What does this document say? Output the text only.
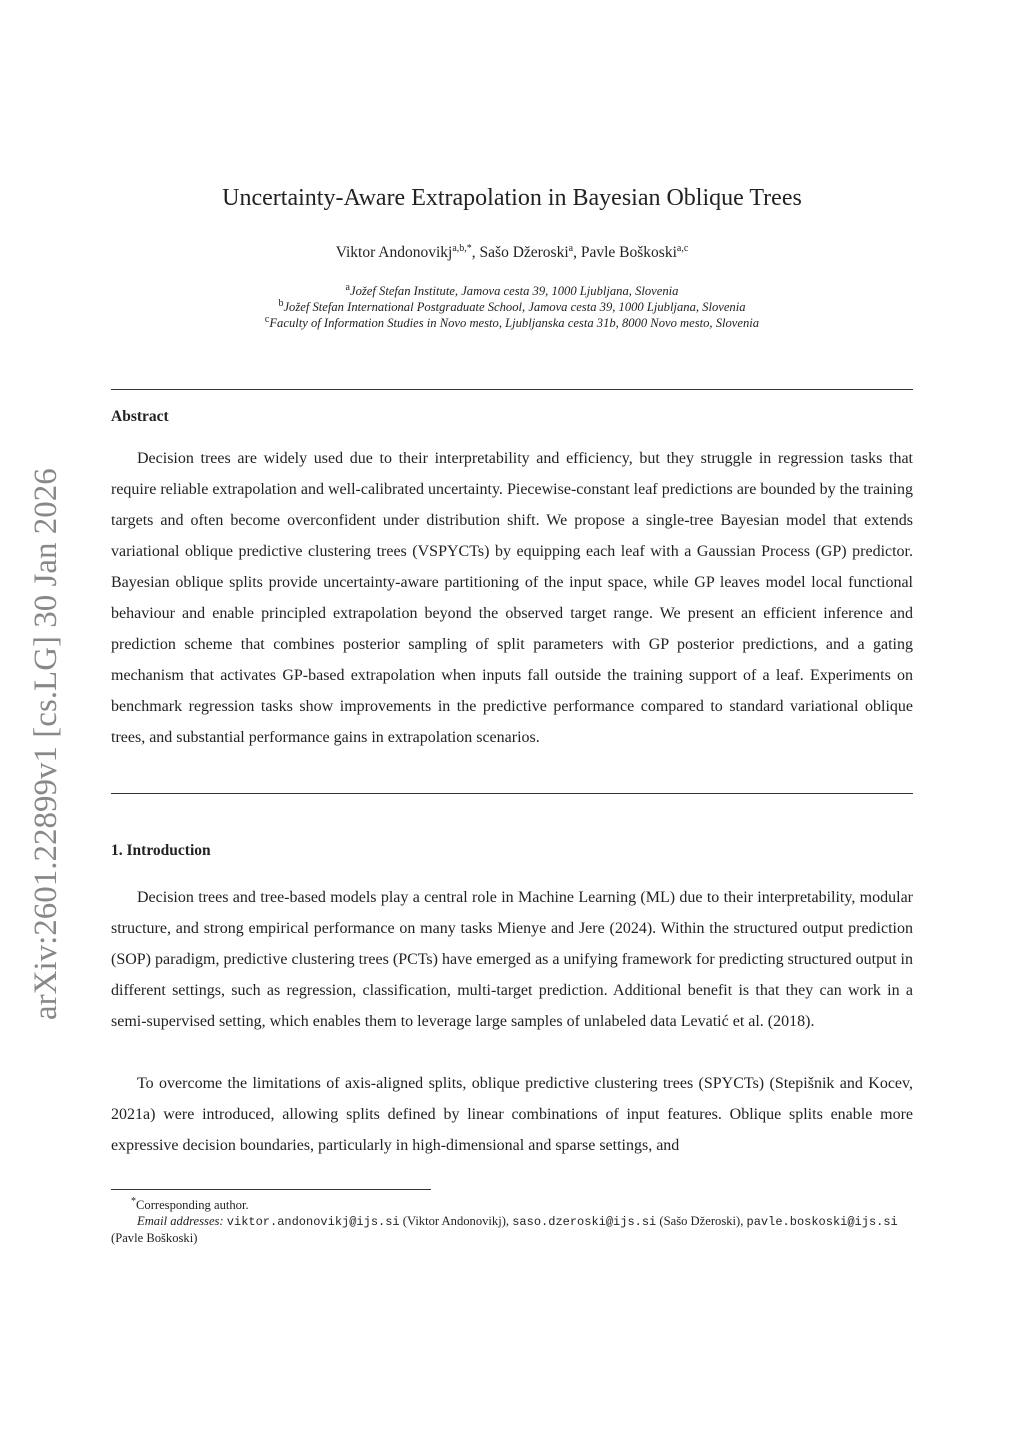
arXiv:2601.22899v1 [cs.LG] 30 Jan 2026
Uncertainty-Aware Extrapolation in Bayesian Oblique Trees
Viktor Andonovikj$^{a,b,*}$, Sašo Džeroski$^a$, Pavle Boškoski$^{a,c}$
$^a$Jožef Stefan Institute, Jamova cesta 39, 1000 Ljubljana, Slovenia
$^b$Jožef Stefan International Postgraduate School, Jamova cesta 39, 1000 Ljubljana, Slovenia
$^c$Faculty of Information Studies in Novo mesto, Ljubljanska cesta 31b, 8000 Novo mesto, Slovenia
Abstract

Decision trees are widely used due to their interpretability and efficiency, but they struggle in regression tasks that require reliable extrapolation and well-calibrated uncertainty. Piecewise-constant leaf predictions are bounded by the training targets and often become overconfident under distribution shift. We propose a single-tree Bayesian model that extends variational oblique predictive clustering trees (VSPYCTs) by equipping each leaf with a Gaussian Process (GP) predictor. Bayesian oblique splits provide uncertainty-aware partitioning of the input space, while GP leaves model local functional behaviour and enable principled extrapolation beyond the observed target range. We present an efficient inference and prediction scheme that combines posterior sampling of split parameters with GP posterior predictions, and a gating mechanism that activates GP-based extrapolation when inputs fall outside the training support of a leaf. Experiments on benchmark regression tasks show improvements in the predictive performance compared to standard variational oblique trees, and substantial performance gains in extrapolation scenarios.

1. Introduction

Decision trees and tree-based models play a central role in Machine Learning (ML) due to their interpretability, modular structure, and strong empirical performance on many tasks Mienye and Jere (2024). Within the structured output prediction (SOP) paradigm, predictive clustering trees (PCTs) have emerged as a unifying framework for predicting structured output in different settings, such as regression, classification, multi-target prediction. Additional benefit is that they can work in a semi-supervised setting, which enables them to leverage large samples of unlabeled data Levatić et al. (2018).

To overcome the limitations of axis-aligned splits, oblique predictive clustering trees (SPYCTs) (Stepišnik and Kocev, 2021a) were introduced, allowing splits defined by linear combinations of input features. Oblique splits enable more expressive decision boundaries, particularly in high-dimensional and sparse settings, and

*Corresponding author.
Email addresses: viktor.andonovikj@ijs.si (Viktor Andonovikj), saso.dzeroski@ijs.si (Sašo Džeroski), pavle.boskoski@ijs.si (Pavle Boškoski)
